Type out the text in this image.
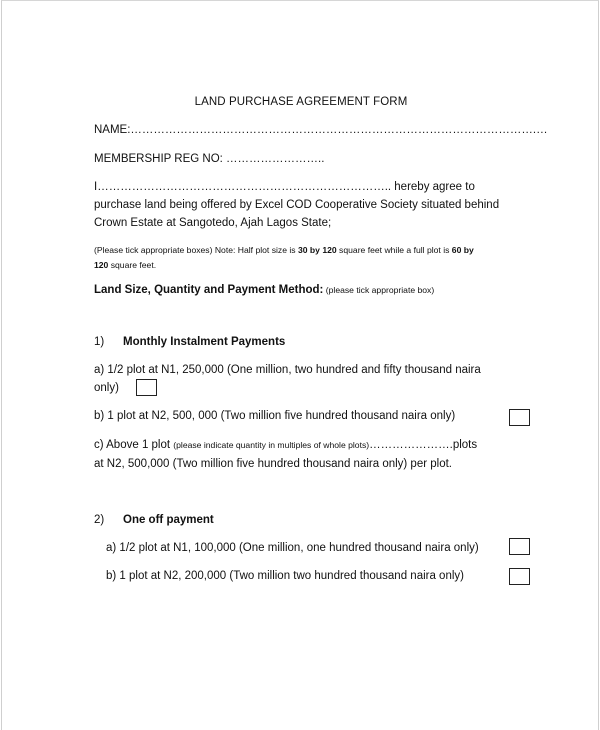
LAND PURCHASE AGREEMENT FORM
NAME:…………………………………………………………………………………………….…
MEMBERSHIP REG NO: ……………………..
I………………………………………………………………….. hereby agree to
purchase land being offered by Excel COD Cooperative Society situated behind
Crown Estate at Sangotedo, Ajah Lagos State;
(Please tick appropriate boxes) Note: Half plot size is 30 by 120 square feet while a full plot is 60 by
120 square feet.
Land Size, Quantity and Payment Method: (please tick appropriate box)
1) Monthly Instalment Payments
a) 1/2 plot at N1, 250,000 (One million, two hundred and fifty thousand naira
only)
b) 1 plot at N2, 500, 000 (Two million five hundred thousand naira only)
c) Above 1 plot (please indicate quantity in multiples of whole plots)………………….plots
at N2, 500,000 (Two million five hundred thousand naira only) per plot.
2) One off payment
a) 1/2 plot at N1, 100,000 (One million, one hundred thousand naira only)
b) 1 plot at N2, 200,000 (Two million two hundred thousand naira only)
